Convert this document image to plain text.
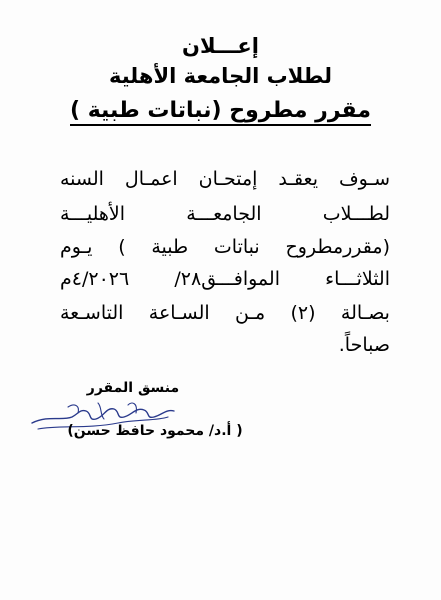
إعـــلان
لطلاب الجامعة الأهلية
مقرر مطروح (نباتات طبية )
سـوف يعقـد إمتحـان اعمـال السنه
لطـــلاب الجامعـــة الأهليـــة
(مقررمطروح نباتات طبية ) يـوم
الثلاثـــاء الموافـــق٢٨/ ٤/٢٠٢٦م
بصـالة (٢) مـن السـاعة التاسـعة
صباحاً.
منسق المقرر
( أ.د/ محمود حافظ حسن)
